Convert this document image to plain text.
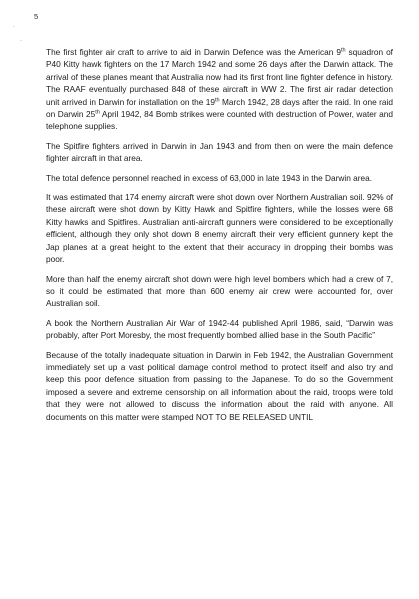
·
·
5

The first fighter air craft to arrive to aid in Darwin Defence was the American 9th squadron of P40 Kitty hawk fighters on the 17 March 1942 and some 26 days after the Darwin attack. The arrival of these planes meant that Australia now had its first front line fighter defence in history. The RAAF eventually purchased 848 of these aircraft in WW 2. The first air radar detection unit arrived in Darwin for installation on the 19th March 1942, 28 days after the raid. In one raid on Darwin 25th April 1942, 84 Bomb strikes were counted with destruction of Power, water and telephone supplies.

The Spitfire fighters arrived in Darwin in Jan 1943 and from then on were the main defence fighter aircraft in that area.

The total defence personnel reached in excess of 63,000 in late 1943 in the Darwin area.

It was estimated that 174 enemy aircraft were shot down over Northern Australian soil. 92% of these aircraft were shot down by Kitty Hawk and Spitfire fighters, while the losses were 68 Kitty hawks and Spitfires. Australian anti-aircraft gunners were considered to be exceptionally efficient, although they only shot down 8 enemy aircraft their very efficient gunnery kept the Jap planes at a great height to the extent that their accuracy in dropping their bombs was poor.

More than half the enemy aircraft shot down were high level bombers which had a crew of 7, so it could be estimated that more than 600 enemy air crew were accounted for, over Australian soil.

A book the Northern Australian Air War of 1942-44 published April 1986, said, “Darwin was probably, after Port Moresby, the most frequently bombed allied base in the South Pacific”

Because of the totally inadequate situation in Darwin in Feb 1942, the Australian Government immediately set up a vast political damage control method to protect itself and also try and keep this poor defence situation from passing to the Japanese. To do so the Government imposed a severe and extreme censorship on all information about the raid, troops were told that they were not allowed to discuss the information about the raid with anyone. All documents on this matter were stamped NOT TO BE RELEASED UNTIL
